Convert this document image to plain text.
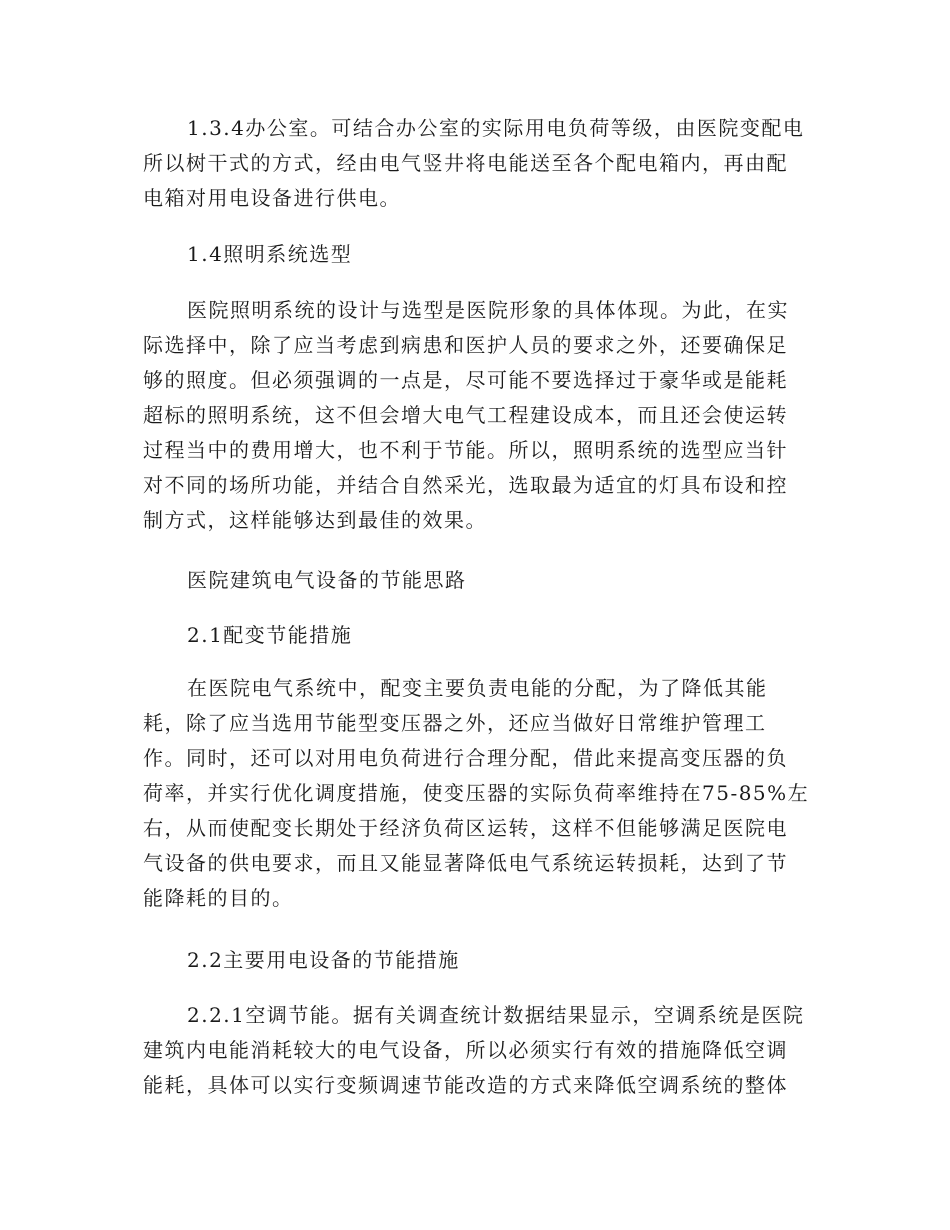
1.3.4办公室。可结合办公室的实际用电负荷等级，由医院变配电
所以树干式的方式，经由电气竖井将电能送至各个配电箱内，再由配
电箱对用电设备进行供电。
1.4照明系统选型
医院照明系统的设计与选型是医院形象的具体体现。为此，在实
际选择中，除了应当考虑到病患和医护人员的要求之外，还要确保足
够的照度。但必须强调的一点是，尽可能不要选择过于豪华或是能耗
超标的照明系统，这不但会增大电气工程建设成本，而且还会使运转
过程当中的费用增大，也不利于节能。所以，照明系统的选型应当针
对不同的场所功能，并结合自然采光，选取最为适宜的灯具布设和控
制方式，这样能够达到最佳的效果。
医院建筑电气设备的节能思路
2.1配变节能措施
在医院电气系统中，配变主要负责电能的分配，为了降低其能
耗，除了应当选用节能型变压器之外，还应当做好日常维护管理工
作。同时，还可以对用电负荷进行合理分配，借此来提高变压器的负
荷率，并实行优化调度措施，使变压器的实际负荷率维持在75-85%左
右，从而使配变长期处于经济负荷区运转，这样不但能够满足医院电
气设备的供电要求，而且又能显著降低电气系统运转损耗，达到了节
能降耗的目的。
2.2主要用电设备的节能措施
2.2.1空调节能。据有关调查统计数据结果显示，空调系统是医院
建筑内电能消耗较大的电气设备，所以必须实行有效的措施降低空调
能耗，具体可以实行变频调速节能改造的方式来降低空调系统的整体
